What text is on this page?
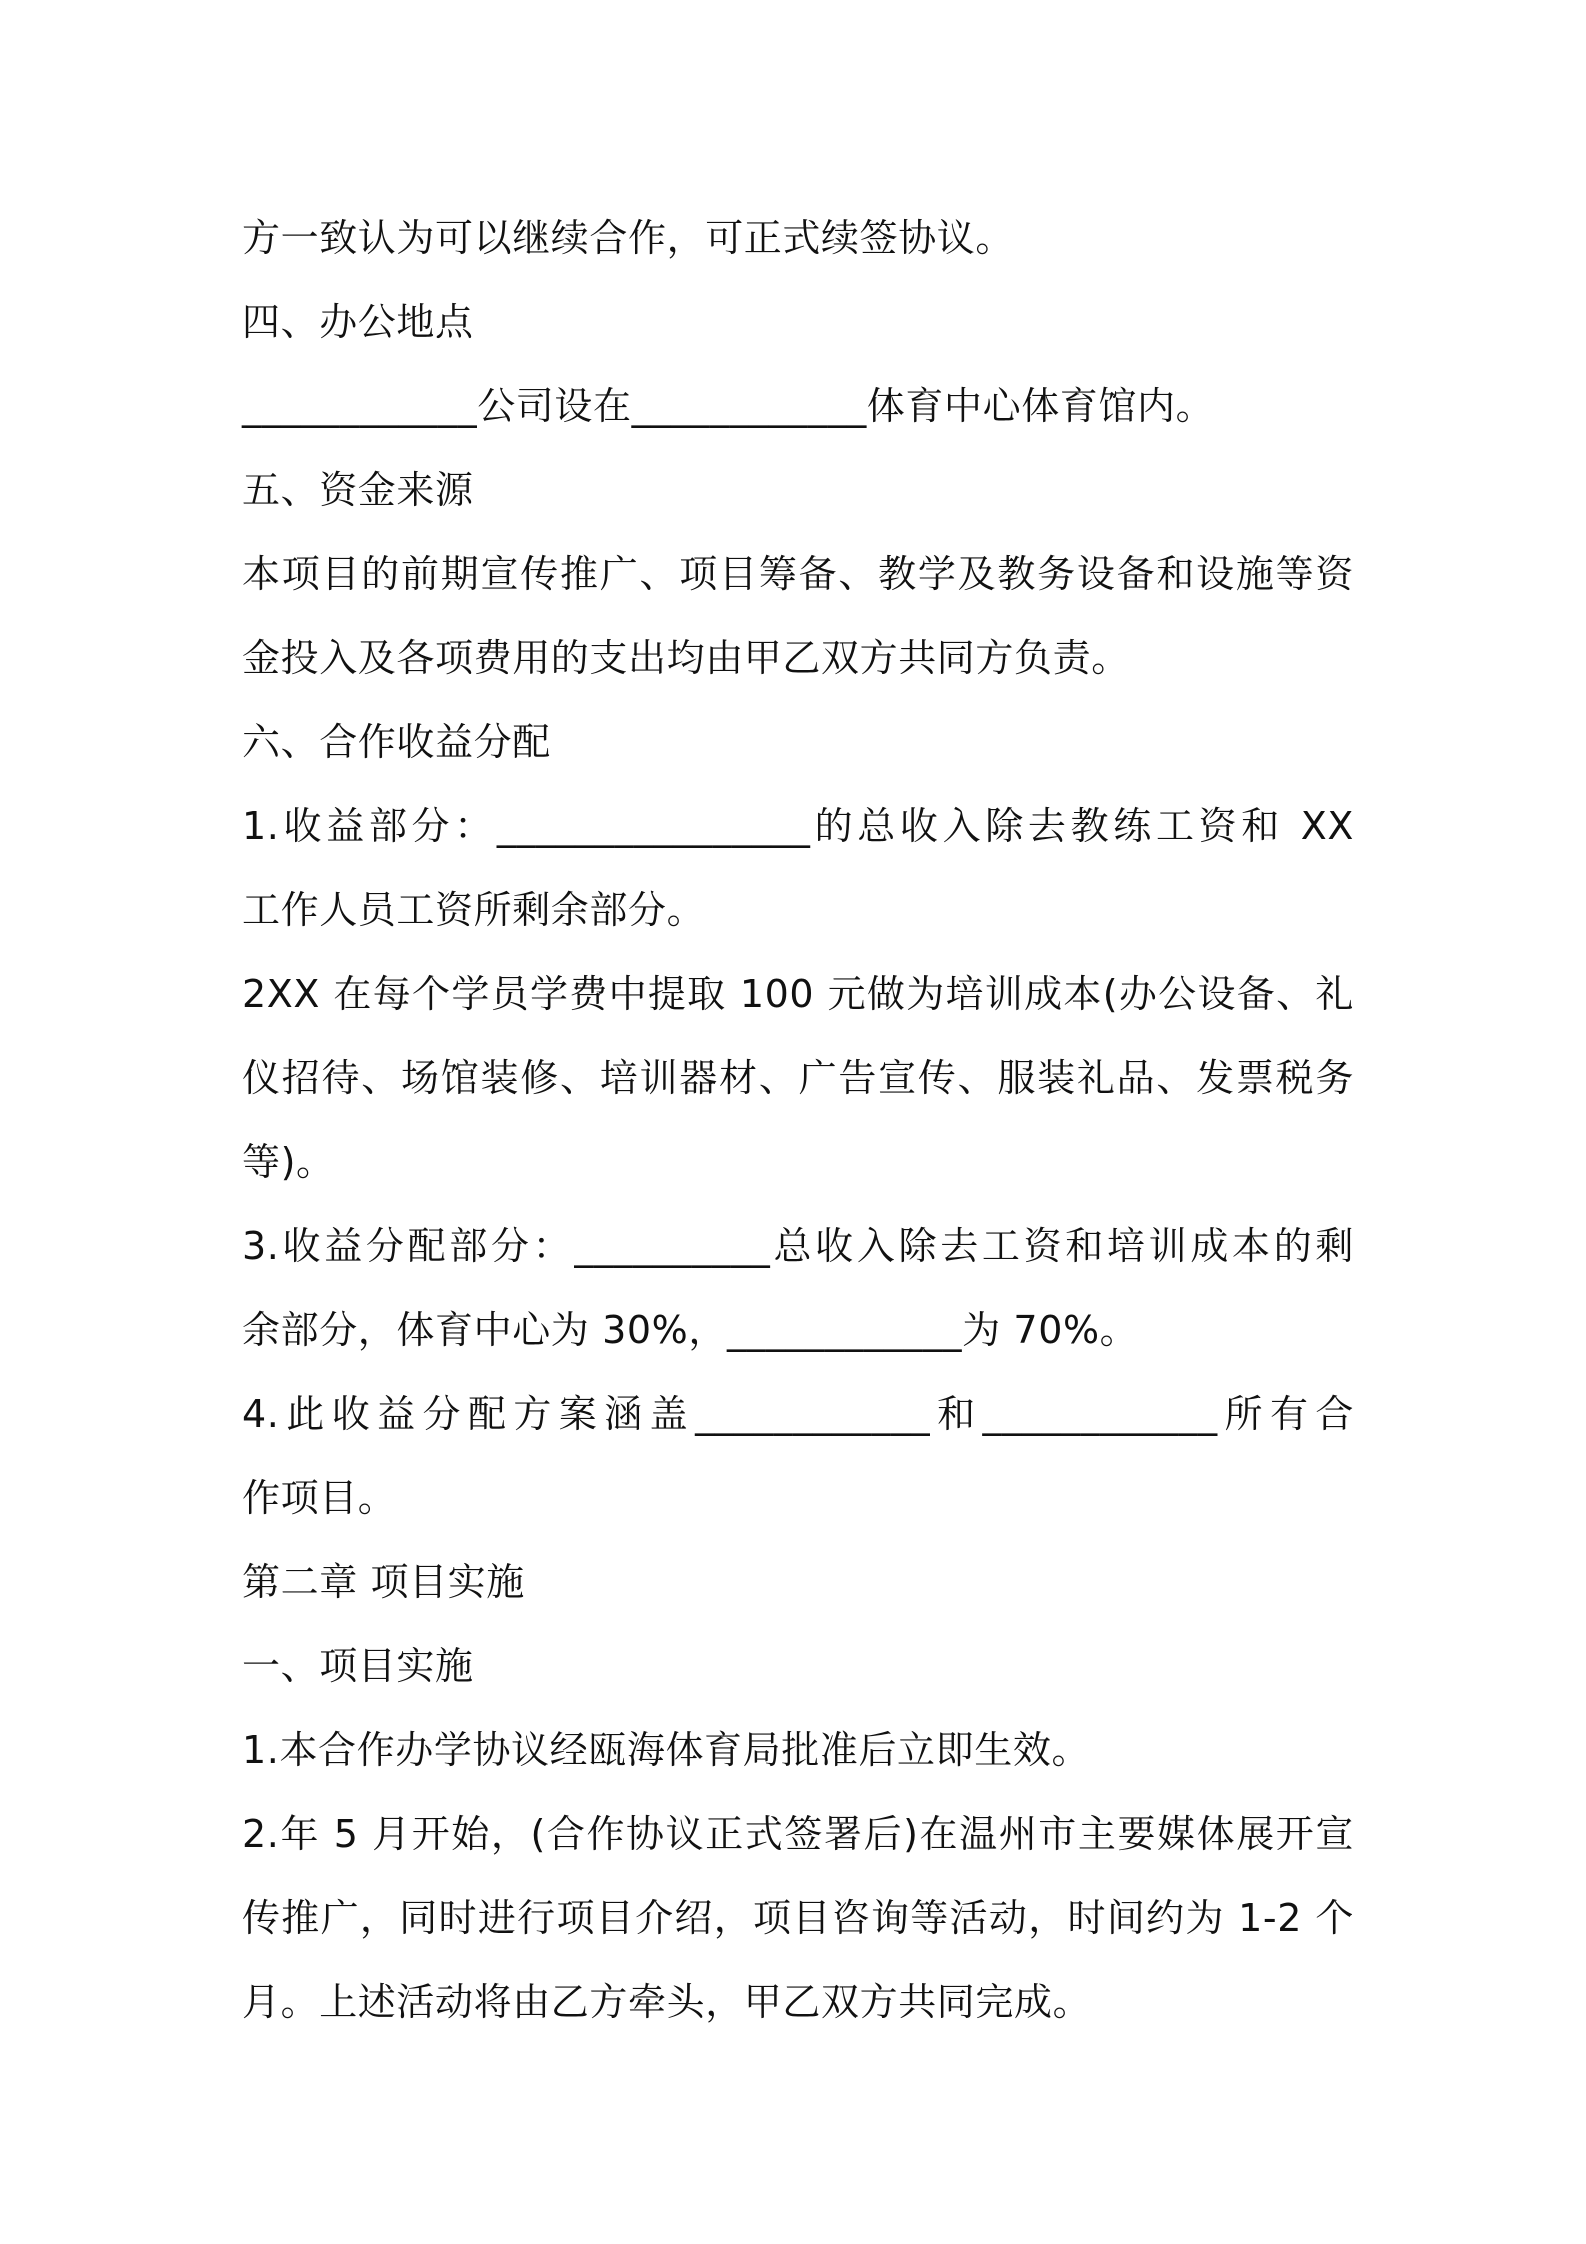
方一致认为可以继续合作，可正式续签协议。
四、办公地点
____________公司设在____________体育中心体育馆内。
五、资金来源
本项目的前期宣传推广、项目筹备、教学及教务设备和设施等资
金投入及各项费用的支出均由甲乙双方共同方负责。
六、合作收益分配
1.收益部分：________________的总收入除去教练工资和 XX
工作人员工资所剩余部分。
2XX 在每个学员学费中提取 100 元做为培训成本(办公设备、礼
仪招待、场馆装修、培训器材、广告宣传、服装礼品、发票税务
等)。
3.收益分配部分：__________总收入除去工资和培训成本的剩
余部分，体育中心为 30%，____________为 70%。
4.此收益分配方案涵盖____________和____________所有合
作项目。
第二章 项目实施
一、项目实施
1.本合作办学协议经瓯海体育局批准后立即生效。
2.年 5 月开始，(合作协议正式签署后)在温州市主要媒体展开宣
传推广，同时进行项目介绍，项目咨询等活动，时间约为 1-2 个
月。上述活动将由乙方牵头，甲乙双方共同完成。
